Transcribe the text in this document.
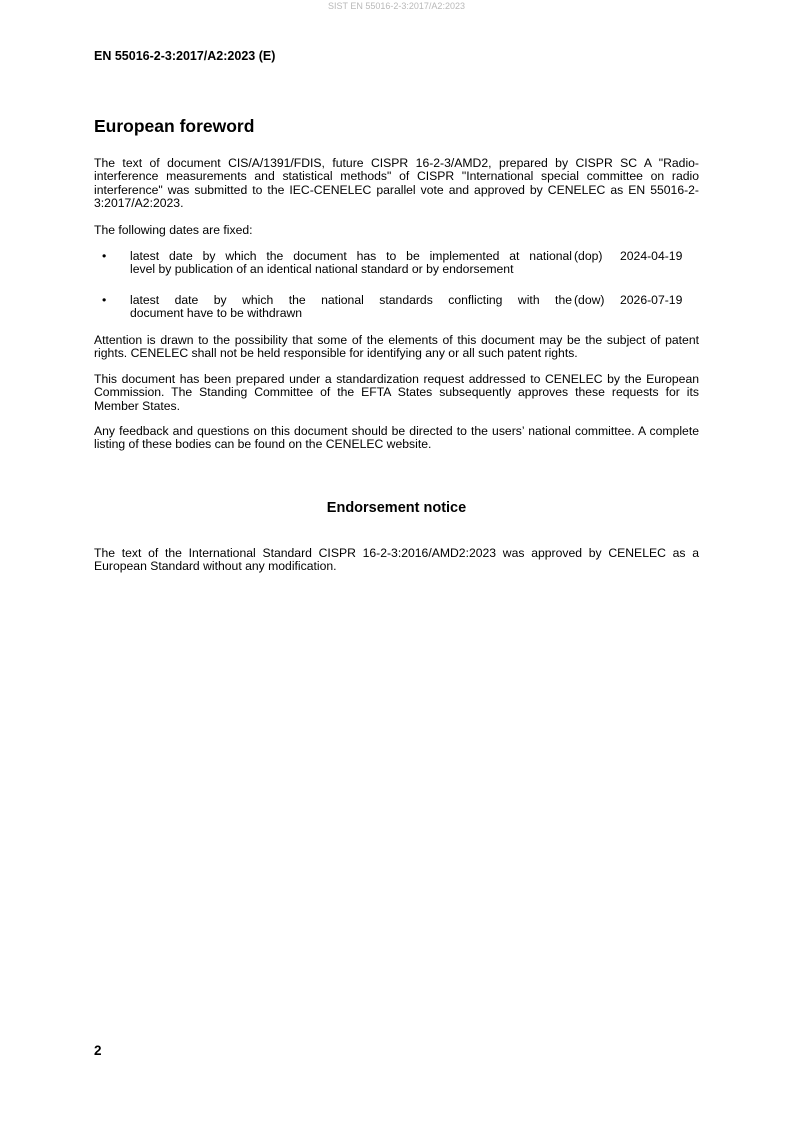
SIST EN 55016-2-3:2017/A2:2023
EN 55016-2-3:2017/A2:2023 (E)
European foreword

The text of document CIS/A/1391/FDIS, future CISPR 16-2-3/AMD2, prepared by CISPR SC A "Radio-interference measurements and statistical methods" of CISPR "International special committee on radio interference" was submitted to the IEC-CENELEC parallel vote and approved by CENELEC as EN 55016-2-3:2017/A2:2023.

The following dates are fixed:

• latest date by which the document has to be implemented at national
level by publication of an identical national standard or by endorsement
(dop) 2024-04-19
• latest date by which the national standards conflicting with the
document have to be withdrawn
(dow) 2026-07-19

Attention is drawn to the possibility that some of the elements of this document may be the subject of patent rights. CENELEC shall not be held responsible for identifying any or all such patent rights.

This document has been prepared under a standardization request addressed to CENELEC by the European Commission. The Standing Committee of the EFTA States subsequently approves these requests for its Member States.

Any feedback and questions on this document should be directed to the users’ national committee. A complete listing of these bodies can be found on the CENELEC website.

Endorsement notice

The text of the International Standard CISPR 16-2-3:2016/AMD2:2023 was approved by CENELEC as a European Standard without any modification.

2
